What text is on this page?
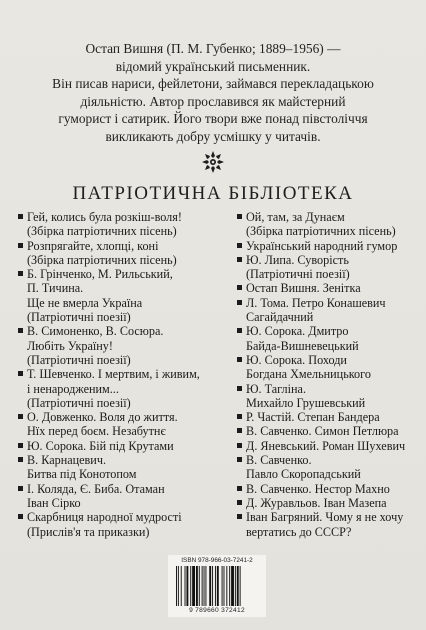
Остап Вишня (П. М. Губенко; 1889–1956) —

відомий український письменник.

Він писав нариси, фейлетони, займався перекладацькою

діяльністю. Автор прославився як майстерний

гуморист і сатирик. Його твори вже понад півстоліччя

викликають добру усмішку у читачів.

ПАТРІОТИЧНА БІБЛІОТЕКА
Гей, колись була розкіш-воля!
(Збірка патріотичних пісень)
Розпрягайте, хлопці, коні
(Збірка патріотичних пісень)
Б. Грінченко, М. Рильський,
П. Тичина.
Ще не вмерла Україна
(Патріотичні поезії)
В. Симоненко, В. Сосюра.
Любіть Україну!
(Патріотичні поезії)
Т. Шевченко. І мертвим, і живим,
і ненародженим...
(Патріотичні поезії)
О. Довженко. Воля до життя.
Нїх перед боєм. Незабутнє
Ю. Сорока. Бій під Крутами
В. Карнацевич.
Битва під Конотопом
І. Коляда, Є. Биба. Отаман
Іван Сірко
Скарбниця народної мудрості
(Прислів'я та приказки)
Ой, там, за Дунаєм
(Збірка патріотичних пісень)
Український народний гумор
Ю. Липа. Суворість
(Патріотичні поезії)
Остап Вишня. Зенітка
Л. Тома. Петро Конашевич
Сагайдачний
Ю. Сорока. Дмитро
Байда-Вишневецький
Ю. Сорока. Походи
Богдана Хмельницького
Ю. Тагліна.
Михайло Грушевський
Р. Частій. Степан Бандера
В. Савченко. Симон Петлюра
Д. Яневський. Роман Шухевич
В. Савченко.
Павло Скоропадський
В. Савченко. Нестор Махно
Д. Журавльов. Іван Мазепа
Іван Багряний. Чому я не хочу
вертатись до СССР?
ISBN 978-966-03-7241-2
9 789660 372412
